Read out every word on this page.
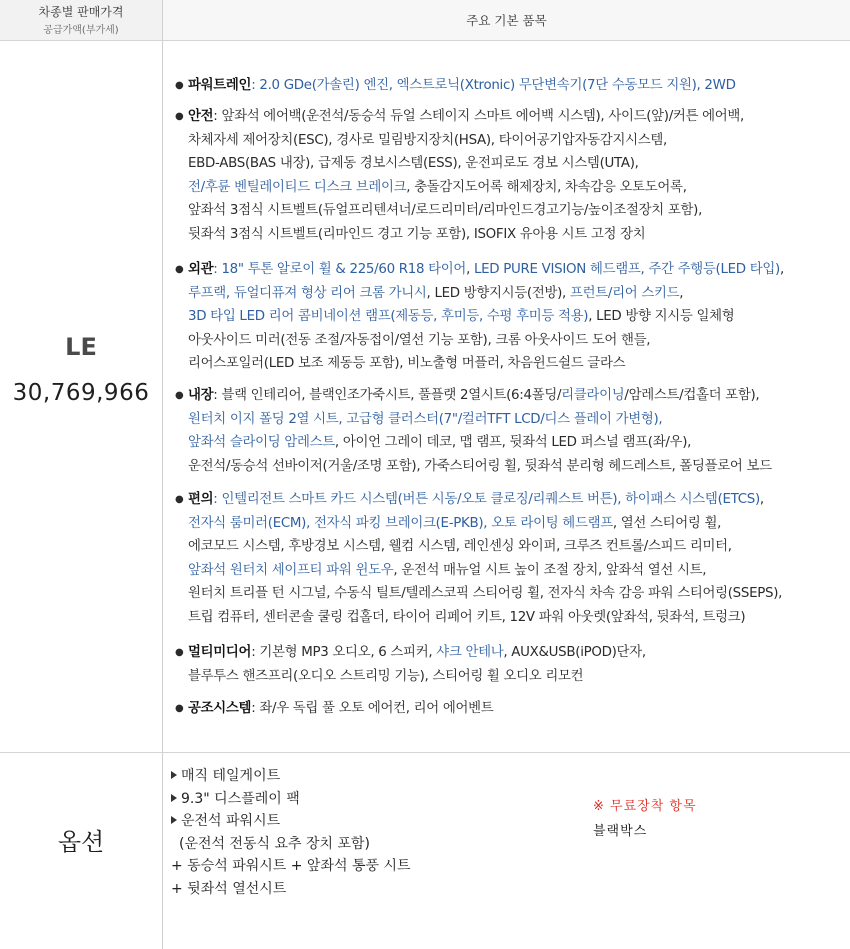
차종별 판매가격
공급가액(부가세)
주요 기본 품목
LE
30,769,966
● 파워트레인: 2.0 GDe(가솔린) 엔진, 엑스트로닉(Xtronic) 무단변속기(7단 수동모드 지원), 2WD
● 안전: 앞좌석 에어백(운전석/동승석 듀얼 스테이지 스마트 에어백 시스템), 사이드(앞)/커튼 에어백,
차체자세 제어장치(ESC), 경사로 밀림방지장치(HSA), 타이어공기압자동감지시스템,
EBD-ABS(BAS 내장), 급제동 경보시스템(ESS), 운전피로도 경보 시스템(UTA),
전/후륜 벤틸레이티드 디스크 브레이크, 충돌감지도어록 해제장치, 차속감응 오토도어록,
앞좌석 3점식 시트벨트(듀얼프리텐셔너/로드리미터/리마인드경고기능/높이조절장치 포함),
뒷좌석 3점식 시트벨트(리마인드 경고 기능 포함), ISOFIX 유아용 시트 고정 장치
● 외관: 18" 투톤 알로이 휠 & 225/60 R18 타이어, LED PURE VISION 헤드램프, 주간 주행등(LED 타입),
루프랙, 듀얼디퓨져 형상 리어 크롬 가니시, LED 방향지시등(전방), 프런트/리어 스키드,
3D 타입 LED 리어 콤비네이션 램프(제동등, 후미등, 수평 후미등 적용), LED 방향 지시등 일체형
아웃사이드 미러(전동 조절/자동접이/열선 기능 포함), 크롬 아웃사이드 도어 핸들,
리어스포일러(LED 보조 제동등 포함), 비노출형 머플러, 차음윈드쉴드 글라스
● 내장: 블랙 인테리어, 블랙인조가죽시트, 풀플랫 2열시트(6:4폴딩/리클라이닝/암레스트/컵홀더 포함),
원터치 이지 폴딩 2열 시트, 고급형 클러스터(7"/컬러TFT LCD/디스 플레이 가변형),
앞좌석 슬라이딩 암레스트, 아이언 그레이 데코, 맵 램프, 뒷좌석 LED 퍼스널 램프(좌/우),
운전석/동승석 선바이저(거울/조명 포함), 가죽스티어링 휠, 뒷좌석 분리형 헤드레스트, 폴딩플로어 보드
● 편의: 인텔리전트 스마트 카드 시스템(버튼 시동/오토 클로징/리퀘스트 버튼), 하이패스 시스템(ETCS),
전자식 룸미러(ECM), 전자식 파킹 브레이크(E-PKB), 오토 라이팅 헤드램프, 열선 스티어링 휠,
에코모드 시스템, 후방경보 시스템, 웰컴 시스템, 레인센싱 와이퍼, 크루즈 컨트롤/스피드 리미터,
앞좌석 원터치 세이프티 파워 윈도우, 운전석 매뉴얼 시트 높이 조절 장치, 앞좌석 열선 시트,
원터치 트리플 턴 시그널, 수동식 틸트/텔레스코픽 스티어링 휠, 전자식 차속 감응 파워 스티어링(SSEPS),
트립 컴퓨터, 센터콘솔 쿨링 컵홀더, 타이어 리페어 키트, 12V 파워 아웃렛(앞좌석, 뒷좌석, 트렁크)
● 멀티미디어: 기본형 MP3 오디오, 6 스피커, 샤크 안테나, AUX&USB(iPOD)단자,
블루투스 핸즈프리(오디오 스트리밍 기능), 스티어링 휠 오디오 리모컨
● 공조시스템: 좌/우 독립 풀 오토 에어컨, 리어 에어벤트
옵션
매직 테일게이트
9.3" 디스플레이 팩
운전석 파워시트
(운전석 전동식 요추 장치 포함)
+ 동승석 파워시트 + 앞좌석 통풍 시트
+ 뒷좌석 열선시트
※ 무료장착 항목
블랙박스
